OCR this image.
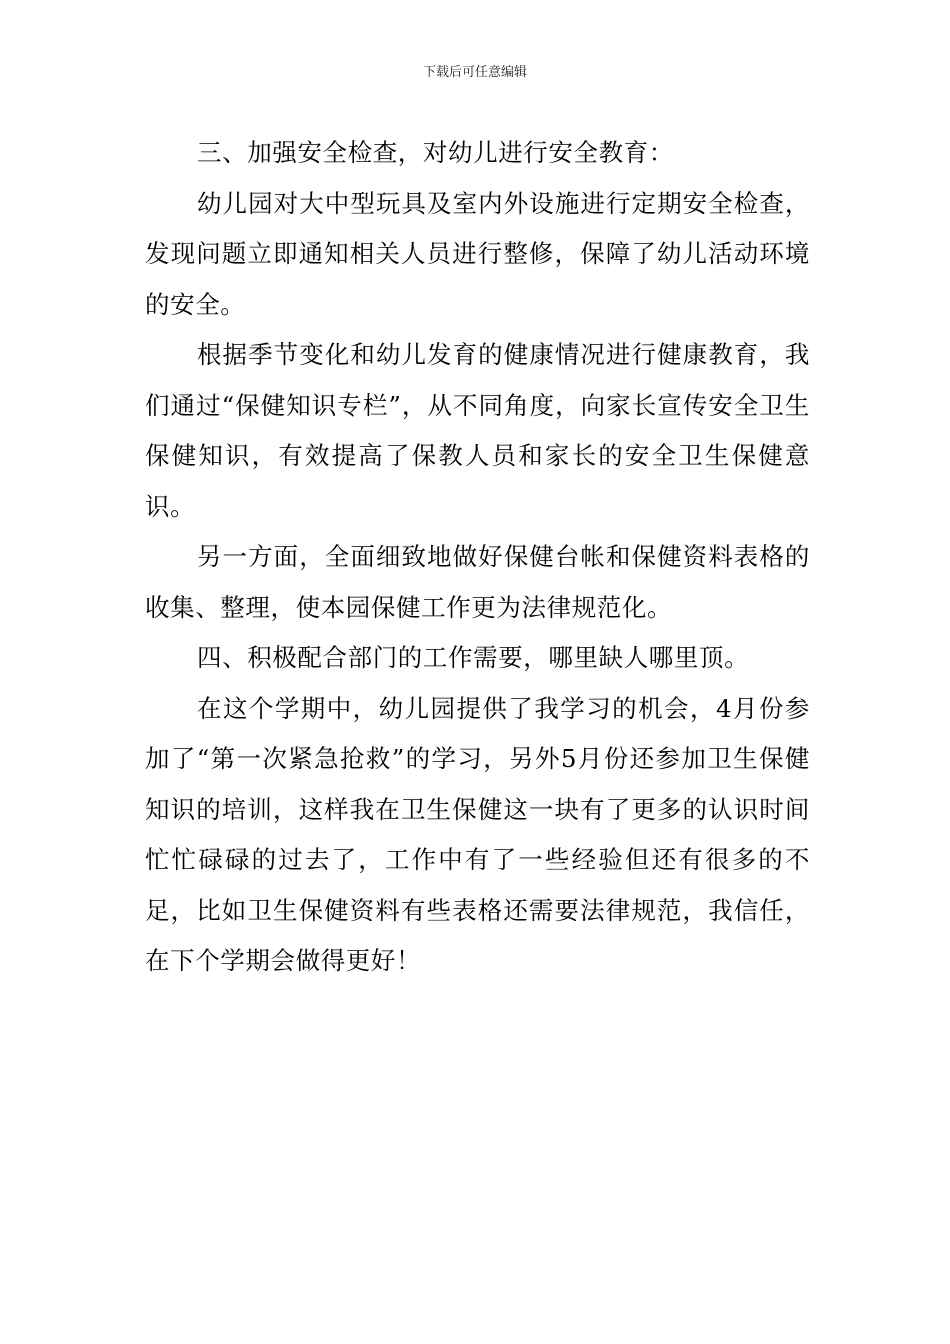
下载后可任意编辑

三、加强安全检查，对幼儿进行安全教育：

幼儿园对大中型玩具及室内外设施进行定期安全检查，发现问题立即通知相关人员进行整修，保障了幼儿活动环境的安全。

根据季节变化和幼儿发育的健康情况进行健康教育，我们通过“保健知识专栏”，从不同角度，向家长宣传安全卫生保健知识，有效提高了保教人员和家长的安全卫生保健意识。

另一方面，全面细致地做好保健台帐和保健资料表格的收集、整理，使本园保健工作更为法律规范化。

四、积极配合部门的工作需要，哪里缺人哪里顶。

在这个学期中，幼儿园提供了我学习的机会，4月份参加了“第一次紧急抢救”的学习，另外5月份还参加卫生保健知识的培训，这样我在卫生保健这一块有了更多的认识时间忙忙碌碌的过去了，工作中有了一些经验但还有很多的不足，比如卫生保健资料有些表格还需要法律规范，我信任，在下个学期会做得更好！
